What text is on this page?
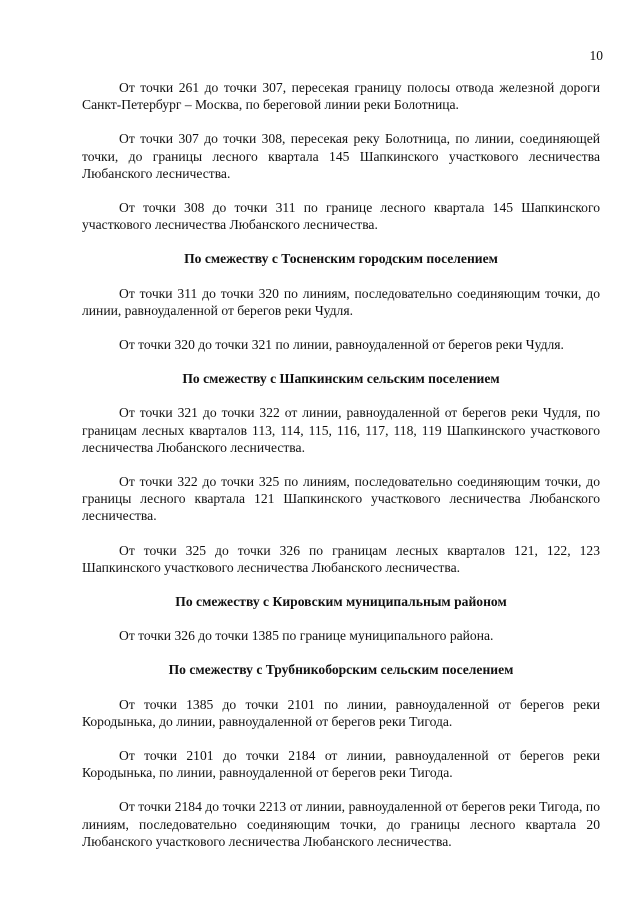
10

От точки 261 до точки 307, пересекая границу полосы отвода железной дороги Санкт-Петербург – Москва, по береговой линии реки Болотница.

От точки 307 до точки 308, пересекая реку Болотница, по линии, соединяющей точки, до границы лесного квартала 145 Шапкинского участкового лесничества Любанского лесничества.

От точки 308 до точки 311 по границе лесного квартала 145 Шапкинского участкового лесничества Любанского лесничества.

По смежеству с Тосненским городским поселением

От точки 311 до точки 320 по линиям, последовательно соединяющим точки, до линии, равноудаленной от берегов реки Чудля.

От точки 320 до точки 321 по линии, равноудаленной от берегов реки Чудля.

По смежеству с Шапкинским сельским поселением

От точки 321 до точки 322 от линии, равноудаленной от берегов реки Чудля, по границам лесных кварталов 113, 114, 115, 116, 117, 118, 119 Шапкинского участкового лесничества Любанского лесничества.

От точки 322 до точки 325 по линиям, последовательно соединяющим точки, до границы лесного квартала 121 Шапкинского участкового лесничества Любанского лесничества.

От точки 325 до точки 326 по границам лесных кварталов 121, 122, 123 Шапкинского участкового лесничества Любанского лесничества.

По смежеству с Кировским муниципальным районом

От точки 326 до точки 1385 по границе муниципального района.

По смежеству с Трубникоборским сельским поселением

От точки 1385 до точки 2101 по линии, равноудаленной от берегов реки Кородынька, до линии, равноудаленной от берегов реки Тигода.

От точки 2101 до точки 2184 от линии, равноудаленной от берегов реки Кородынька, по линии, равноудаленной от берегов реки Тигода.

От точки 2184 до точки 2213 от линии, равноудаленной от берегов реки Тигода, по линиям, последовательно соединяющим точки, до границы лесного квартала 20 Любанского участкового лесничества Любанского лесничества.
